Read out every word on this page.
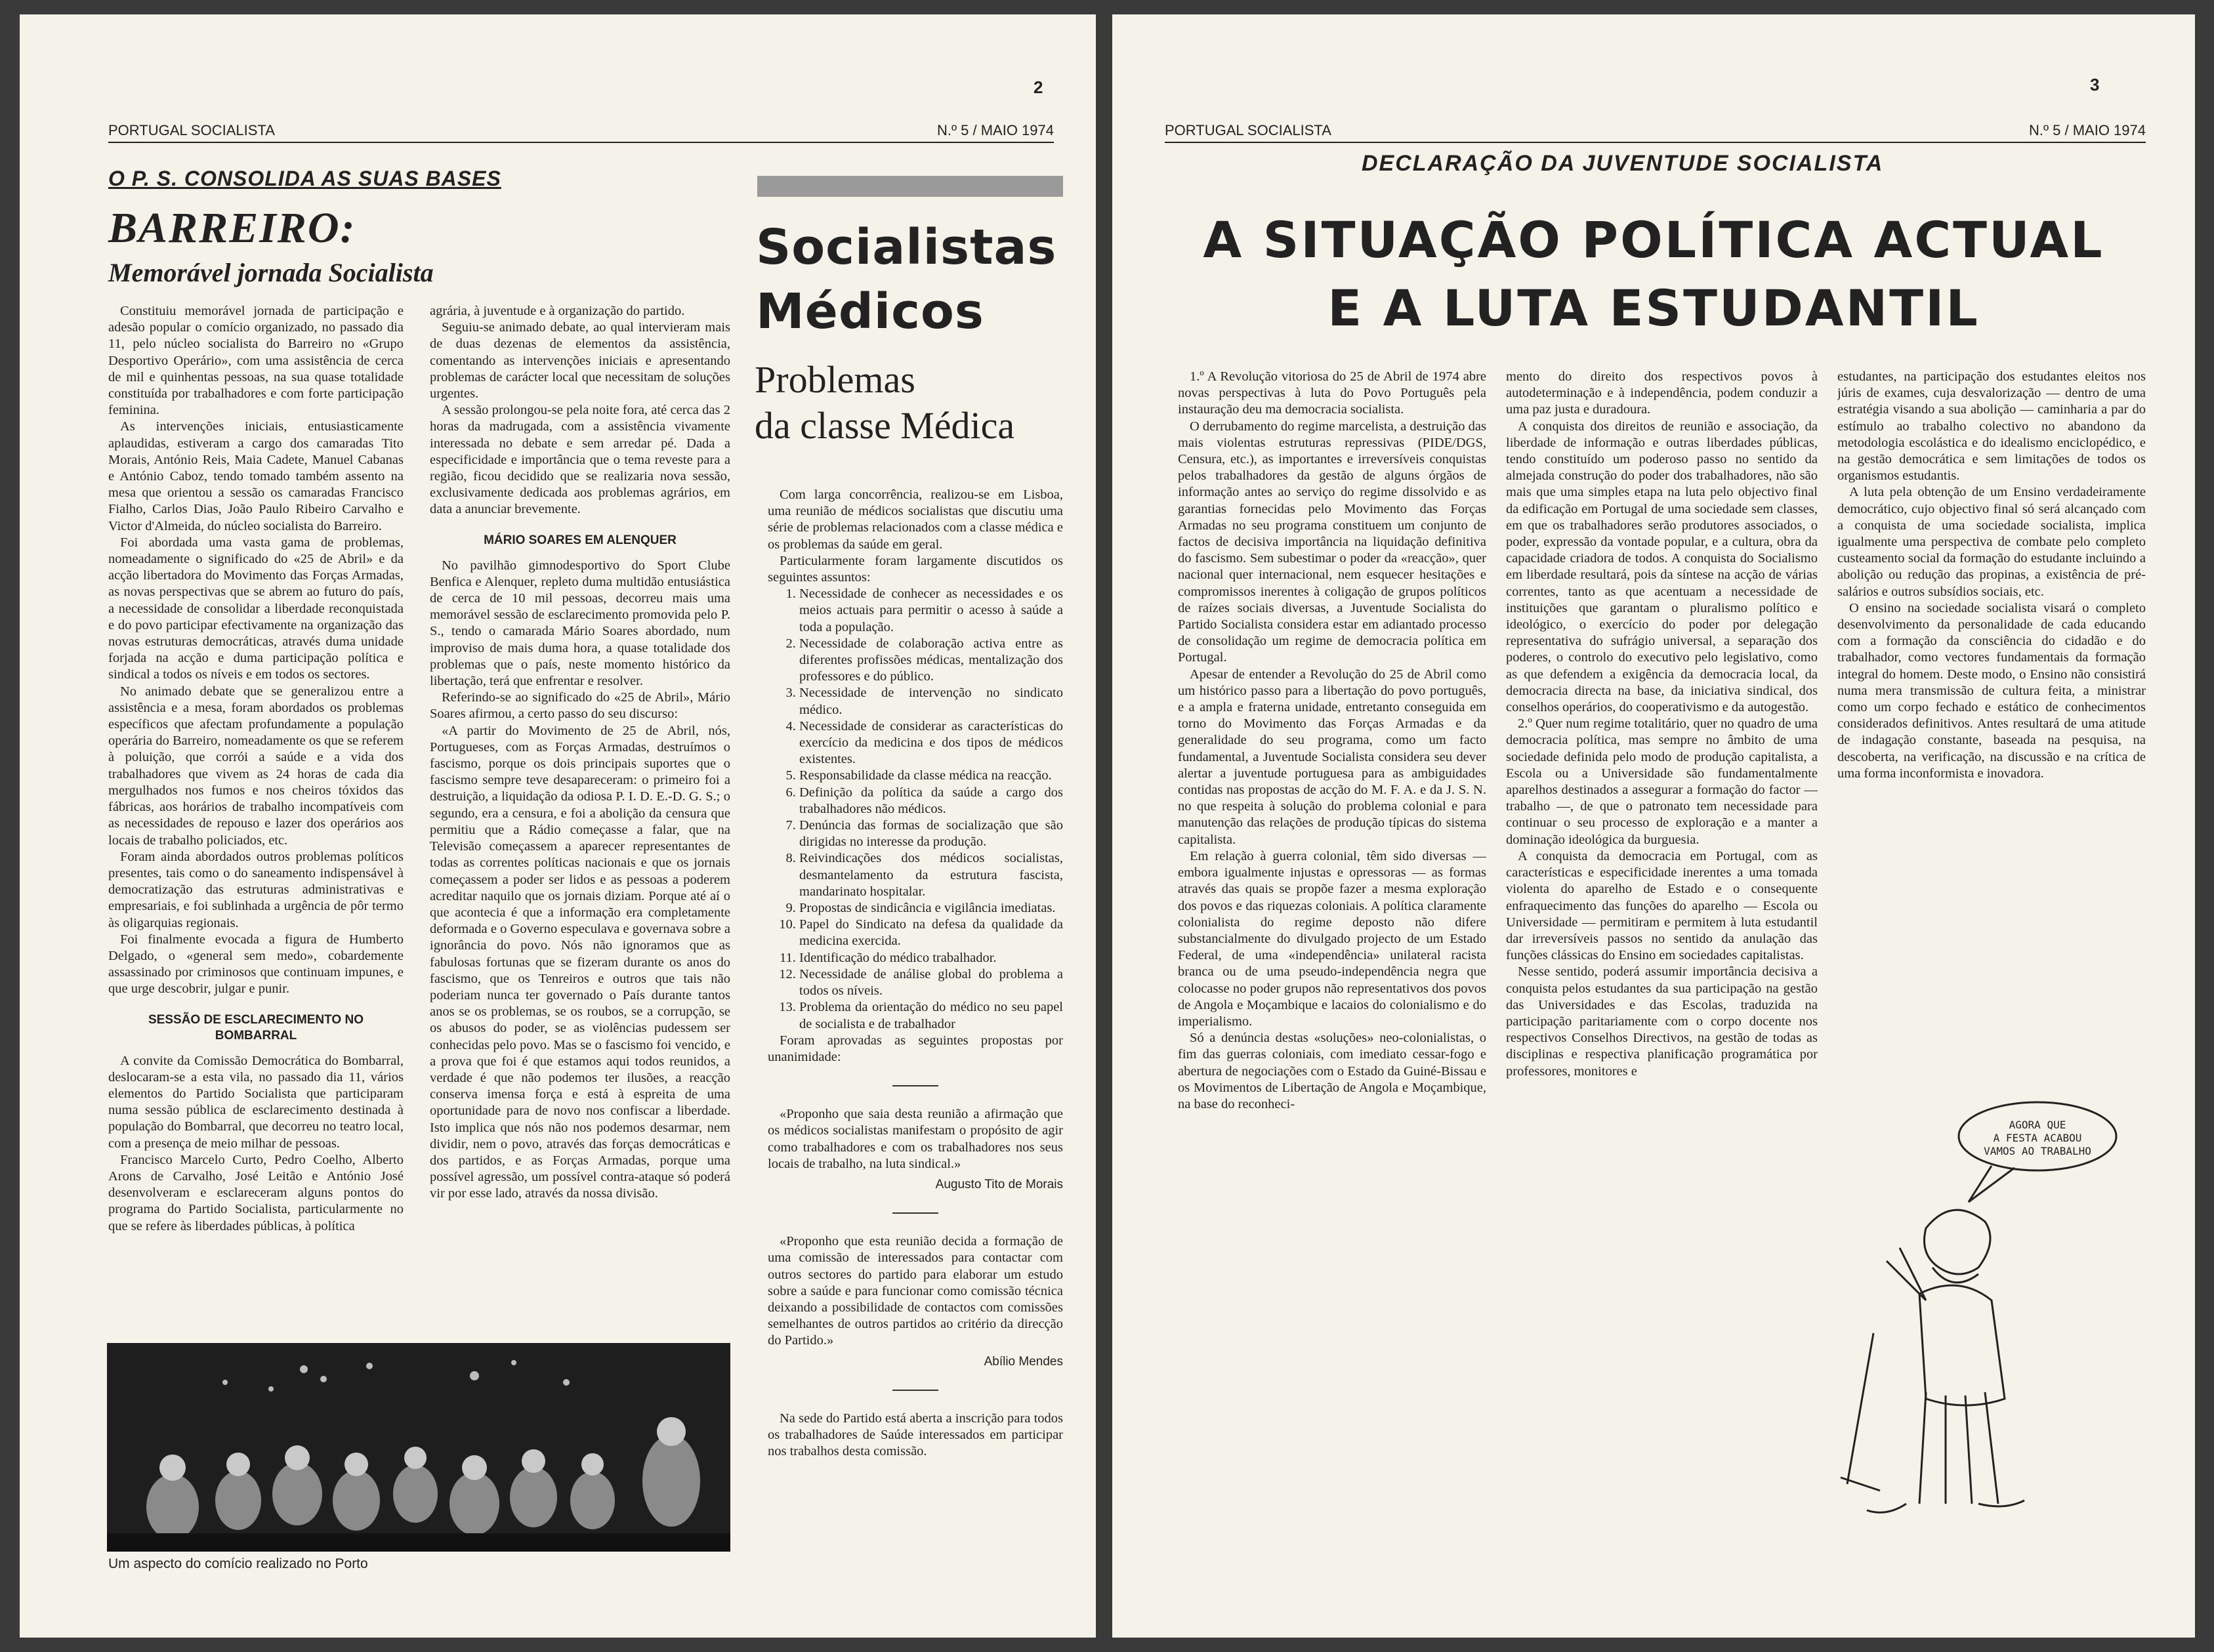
2
PORTUGAL SOCIALISTA	N.º 5 / MAIO 1974
O P. S. CONSOLIDA AS SUAS BASES
BARREIRO:
Memorável jornada Socialista

Constituiu memorável jornada de participação e adesão popular o comício organizado, no passado dia 11, pelo núcleo socialista do Barreiro no «Grupo Desportivo Operário», com uma assistência de cerca de mil e quinhentas pessoas, na sua quase totalidade constituída por trabalhadores e com forte participação feminina.

As intervenções iniciais, entusiasticamente aplaudidas, estiveram a cargo dos camaradas Tito Morais, António Reis, Maia Cadete, Manuel Cabanas e António Caboz, tendo tomado também assento na mesa que orientou a sessão os camaradas Francisco Fialho, Carlos Dias, João Paulo Ribeiro Carvalho e Victor d'Almeida, do núcleo socialista do Barreiro.

Foi abordada uma vasta gama de problemas, nomeadamente o significado do «25 de Abril» e da acção libertadora do Movimento das Forças Armadas, as novas perspectivas que se abrem ao futuro do país, a necessidade de consolidar a liberdade reconquistada e do povo participar efectivamente na organização das novas estruturas democráticas, através duma unidade forjada na acção e duma participação política e sindical a todos os níveis e em todos os sectores.

No animado debate que se generalizou entre a assistência e a mesa, foram abordados os problemas específicos que afectam profundamente a população operária do Barreiro, nomeadamente os que se referem à poluição, que corrói a saúde e a vida dos trabalhadores que vivem as 24 horas de cada dia mergulhados nos fumos e nos cheiros tóxidos das fábricas, aos horários de trabalho incompatíveis com as necessidades de repouso e lazer dos operários aos locais de trabalho policiados, etc.

Foram ainda abordados outros problemas políticos presentes, tais como o do saneamento indispensável à democratização das estruturas administrativas e empresariais, e foi sublinhada a urgência de pôr termo às oligarquias regionais.

Foi finalmente evocada a figura de Humberto Delgado, o «general sem medo», cobardemente assassinado por criminosos que continuam impunes, e que urge descobrir, julgar e punir.

SESSÃO DE ESCLARECIMENTO NO BOMBARRAL

A convite da Comissão Democrática do Bombarral, deslocaram-se a esta vila, no passado dia 11, vários elementos do Partido Socialista que participaram numa sessão pública de esclarecimento destinada à população do Bombarral, que decorreu no teatro local, com a presença de meio milhar de pessoas.

Francisco Marcelo Curto, Pedro Coelho, Alberto Arons de Carvalho, José Leitão e António José desenvolveram e esclareceram alguns pontos do programa do Partido Socialista, particularmente no que se refere às liberdades públicas, à política

agrária, à juventude e à organização do partido.

Seguiu-se animado debate, ao qual intervieram mais de duas dezenas de elementos da assistência, comentando as intervenções iniciais e apresentando problemas de carácter local que necessitam de soluções urgentes.

A sessão prolongou-se pela noite fora, até cerca das 2 horas da madrugada, com a assistência vivamente interessada no debate e sem arredar pé. Dada a especificidade e importância que o tema reveste para a região, ficou decidido que se realizaria nova sessão, exclusivamente dedicada aos problemas agrários, em data a anunciar brevemente.

MÁRIO SOARES EM ALENQUER

No pavilhão gimnodesportivo do Sport Clube Benfica e Alenquer, repleto duma multidão entusiástica de cerca de 10 mil pessoas, decorreu mais uma memorável sessão de esclarecimento promovida pelo P. S., tendo o camarada Mário Soares abordado, num improviso de mais duma hora, a quase totalidade dos problemas que o país, neste momento histórico da libertação, terá que enfrentar e resolver.

Referindo-se ao significado do «25 de Abril», Mário Soares afirmou, a certo passo do seu discurso:

«A partir do Movimento de 25 de Abril, nós, Portugueses, com as Forças Armadas, destruímos o fascismo, porque os dois principais suportes que o fascismo sempre teve desapareceram: o primeiro foi a destruição, a liquidação da odiosa P. I. D. E.-D. G. S.; o segundo, era a censura, e foi a abolição da censura que permitiu que a Rádio começasse a falar, que na Televisão começassem a aparecer representantes de todas as correntes políticas nacionais e que os jornais começassem a poder ser lidos e as pessoas a poderem acreditar naquilo que os jornais diziam. Porque até aí o que acontecia é que a informação era completamente deformada e o Governo especulava e governava sobre a ignorância do povo. Nós não ignoramos que as fabulosas fortunas que se fizeram durante os anos do fascismo, que os Tenreiros e outros que tais não poderiam nunca ter governado o País durante tantos anos se os problemas, se os roubos, se a corrupção, se os abusos do poder, se as violências pudessem ser conhecidas pelo povo. Mas se o fascismo foi vencido, e a prova que foi é que estamos aqui todos reunidos, a verdade é que não podemos ter ilusões, a reacção conserva imensa força e está à espreita de uma oportunidade para de novo nos confiscar a liberdade. Isto implica que nós não nos podemos desarmar, nem dividir, nem o povo, através das forças democráticas e dos partidos, e as Forças Armadas, porque uma possível agressão, um possível contra-ataque só poderá vir por esse lado, através da nossa divisão.

Um aspecto do comício realizado no Porto
Socialistas
Médicos
Problemas
da classe Médica

Com larga concorrência, realizou-se em Lisboa, uma reunião de médicos socialistas que discutiu uma série de problemas relacionados com a classe médica e os problemas da saúde em geral.

Particularmente foram largamente discutidos os seguintes assuntos:

1. Necessidade de conhecer as necessidades e os meios actuais para permitir o acesso à saúde a toda a população.
2. Necessidade de colaboração activa entre as diferentes profissões médicas, mentalização dos professores e do público.
3. Necessidade de intervenção no sindicato médico.
4. Necessidade de considerar as características do exercício da medicina e dos tipos de médicos existentes.
5. Responsabilidade da classe médica na reacção.
6. Definição da política da saúde a cargo dos trabalhadores não médicos.
7. Denúncia das formas de socialização que são dirigidas no interesse da produção.
8. Reivindicações dos médicos socialistas, desmantelamento da estrutura fascista, mandarinato hospitalar.
9. Propostas de sindicância e vigilância imediatas.
10. Papel do Sindicato na defesa da qualidade da medicina exercida.
11. Identificação do médico trabalhador.
12. Necessidade de análise global do problema a todos os níveis.
13. Problema da orientação do médico no seu papel de socialista e de trabalhador

Foram aprovadas as seguintes propostas por unanimidade:

«Proponho que saia desta reunião a afirmação que os médicos socialistas manifestam o propósito de agir como trabalhadores e com os trabalhadores nos seus locais de trabalho, na luta sindical.»

Augusto Tito de Morais

«Proponho que esta reunião decida a formação de uma comissão de interessados para contactar com outros sectores do partido para elaborar um estudo sobre a saúde e para funcionar como comissão técnica deixando a possibilidade de contactos com comissões semelhantes de outros partidos ao critério da direcção do Partido.»

Abílio Mendes

Na sede do Partido está aberta a inscrição para todos os trabalhadores de Saúde interessados em participar nos trabalhos desta comissão.

3
PORTUGAL SOCIALISTA	N.º 5 / MAIO 1974
DECLARAÇÃO DA JUVENTUDE SOCIALISTA
A SITUAÇÃO POLÍTICA ACTUAL
E A LUTA ESTUDANTIL

1.º A Revolução vitoriosa do 25 de Abril de 1974 abre novas perspectivas à luta do Povo Português pela instauração deu ma democracia socialista.

O derrubamento do regime marcelista, a destruição das mais violentas estruturas repressivas (PIDE/DGS, Censura, etc.), as importantes e irreversíveis conquistas pelos trabalhadores da gestão de alguns órgãos de informação antes ao serviço do regime dissolvido e as garantias fornecidas pelo Movimento das Forças Armadas no seu programa constituem um conjunto de factos de decisiva importância na liquidação definitiva do fascismo. Sem subestimar o poder da «reacção», quer nacional quer internacional, nem esquecer hesitações e compromissos inerentes à coligação de grupos políticos de raízes sociais diversas, a Juventude Socialista do Partido Socialista considera estar em adiantado processo de consolidação um regime de democracia política em Portugal.

Apesar de entender a Revolução do 25 de Abril como um histórico passo para a libertação do povo português, e a ampla e fraterna unidade, entretanto conseguida em torno do Movimento das Forças Armadas e da generalidade do seu programa, como um facto fundamental, a Juventude Socialista considera seu dever alertar a juventude portuguesa para as ambiguidades contidas nas propostas de acção do M. F. A. e da J. S. N. no que respeita à solução do problema colonial e para manutenção das relações de produção típicas do sistema capitalista.

Em relação à guerra colonial, têm sido diversas — embora igualmente injustas e opressoras — as formas através das quais se propõe fazer a mesma exploração dos povos e das riquezas coloniais. A política claramente colonialista do regime deposto não difere substancialmente do divulgado projecto de um Estado Federal, de uma «independência» unilateral racista branca ou de uma pseudo-independência negra que colocasse no poder grupos não representativos dos povos de Angola e Moçambique e lacaios do colonialismo e do imperialismo.

Só a denúncia destas «soluções» neo-colonialistas, o fim das guerras coloniais, com imediato cessar-fogo e abertura de negociações com o Estado da Guiné-Bissau e os Movimentos de Libertação de Angola e Moçambique, na base do reconheci-

mento do direito dos respectivos povos à autodeterminação e à independência, podem conduzir a uma paz justa e duradoura.

A conquista dos direitos de reunião e associação, da liberdade de informação e outras liberdades públicas, tendo constituído um poderoso passo no sentido da almejada construção do poder dos trabalhadores, não são mais que uma simples etapa na luta pelo objectivo final da edificação em Portugal de uma sociedade sem classes, em que os trabalhadores serão produtores associados, o poder, expressão da vontade popular, e a cultura, obra da capacidade criadora de todos. A conquista do Socialismo em liberdade resultará, pois da síntese na acção de várias correntes, tanto as que acentuam a necessidade de instituições que garantam o pluralismo político e ideológico, o exercício do poder por delegação representativa do sufrágio universal, a separação dos poderes, o controlo do executivo pelo legislativo, como as que defendem a exigência da democracia local, da democracia directa na base, da iniciativa sindical, dos conselhos operários, do cooperativismo e da autogestão.

2.º Quer num regime totalitário, quer no quadro de uma democracia política, mas sempre no âmbito de uma sociedade definida pelo modo de produção capitalista, a Escola ou a Universidade são fundamentalmente aparelhos destinados a assegurar a formação do factor — trabalho —, de que o patronato tem necessidade para continuar o seu processo de exploração e a manter a dominação ideológica da burguesia.

A conquista da democracia em Portugal, com as características e especificidade inerentes a uma tomada violenta do aparelho de Estado e o consequente enfraquecimento das funções do aparelho — Escola ou Universidade — permitiram e permitem à luta estudantil dar irreversíveis passos no sentido da anulação das funções clássicas do Ensino em sociedades capitalistas.

Nesse sentido, poderá assumir importância decisiva a conquista pelos estudantes da sua participação na gestão das Universidades e das Escolas, traduzida na participação paritariamente com o corpo docente nos respectivos Conselhos Directivos, na gestão de todas as disciplinas e respectiva planificação programática por professores, monitores e

estudantes, na participação dos estudantes eleitos nos júris de exames, cuja desvalorização — dentro de uma estratégia visando a sua abolição — caminharia a par do estímulo ao trabalho colectivo no abandono da metodologia escolástica e do idealismo enciclopédico, e na gestão democrática e sem limitações de todos os organismos estudantis.

A luta pela obtenção de um Ensino verdadeiramente democrático, cujo objectivo final só será alcançado com a conquista de uma sociedade socialista, implica igualmente uma perspectiva de combate pelo completo custeamento social da formação do estudante incluindo a abolição ou redução das propinas, a existência de pré-salários e outros subsídios sociais, etc.

O ensino na sociedade socialista visará o completo desenvolvimento da personalidade de cada educando com a formação da consciência do cidadão e do trabalhador, como vectores fundamentais da formação integral do homem. Deste modo, o Ensino não consistirá numa mera transmissão de cultura feita, a ministrar como um corpo fechado e estático de conhecimentos considerados definitivos. Antes resultará de uma atitude de indagação constante, baseada na pesquisa, na descoberta, na verificação, na discussão e na crítica de uma forma inconformista e inovadora.

AGORA QUE
A FESTA ACABOU
VAMOS AO TRABALHO
